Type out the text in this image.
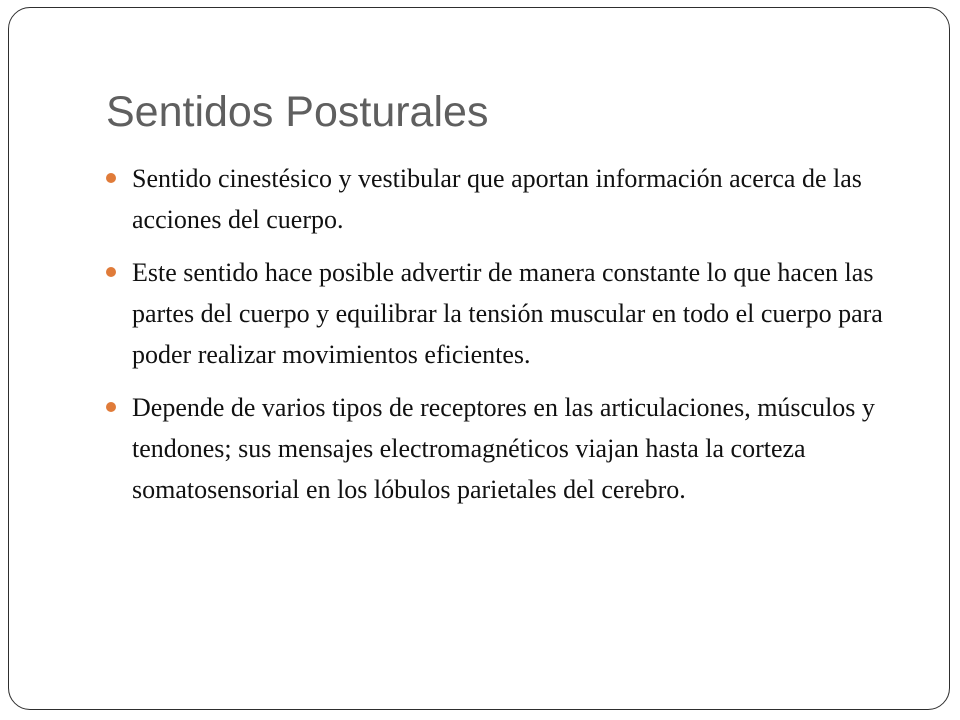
Sentidos Posturales
Sentido cinestésico y vestibular que aportan información acerca de las acciones del cuerpo.
Este sentido hace posible advertir de manera constante lo que hacen las partes del cuerpo y equilibrar la tensión muscular en todo el cuerpo para poder realizar movimientos eficientes.
Depende de varios tipos de receptores en las articulaciones, músculos y tendones; sus mensajes electromagnéticos viajan hasta la corteza somatosensorial en los lóbulos parietales del cerebro.
